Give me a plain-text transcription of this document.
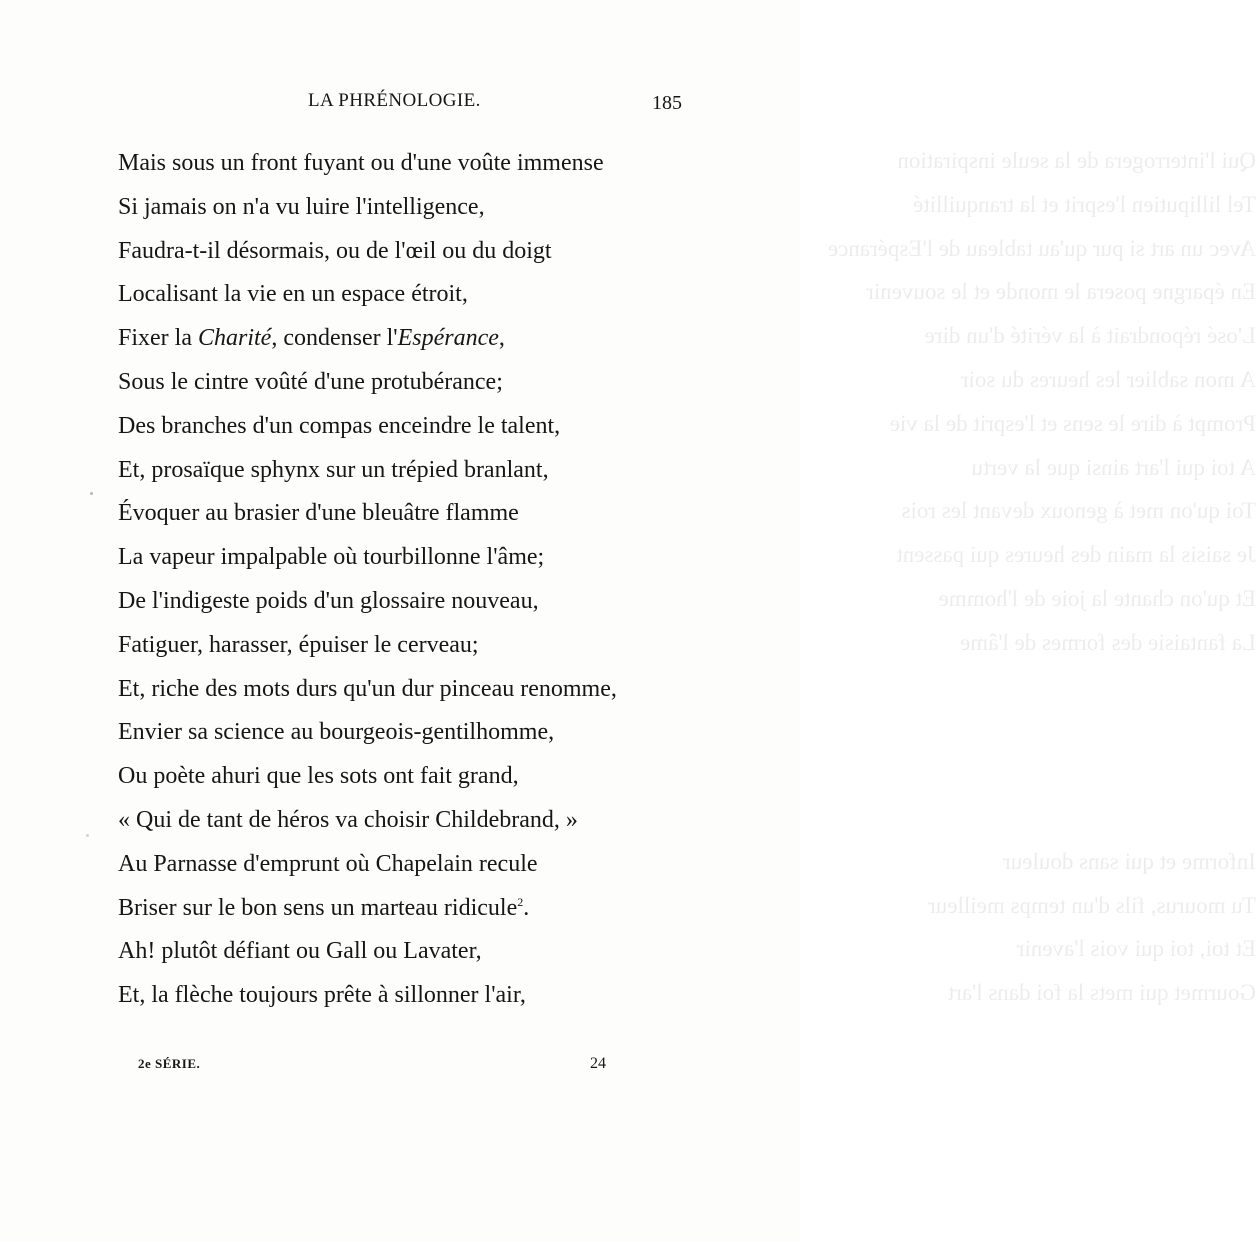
Qui l'interrogera de la seule inspiration
Tel lilliputien l'esprit et la tranquillité
Avec un art si pur qu'au tableau de l'Espérance
En épargne posera le monde et le souvenir
L'osé répondrait à la vérité d'un dire
A mon sablier les heures du soir
Prompt à dire le sens et l'esprit de la vie
A toi qui l'art ainsi que la vertu
Toi qu'on met à genoux devant les rois
Je saisis la main des heures qui passent
Et qu'on chante la joie de l'homme
La fantaisie des formes de l'âme
Informe et qui sans douleur
Tu mourus, fils d'un temps meilleur
Et toi, toi qui vois l'avenir
Gourmet qui mets la foi dans l'art
LA PHRÉNOLOGIE.	185
Mais sous un front fuyant ou d'une voûte immense
Si jamais on n'a vu luire l'intelligence,
Faudra-t-il désormais, ou de l'œil ou du doigt
Localisant la vie en un espace étroit,
Fixer la Charité, condenser l'Espérance,
Sous le cintre voûté d'une protubérance;
Des branches d'un compas enceindre le talent,
Et, prosaïque sphynx sur un trépied branlant,
Évoquer au brasier d'une bleuâtre flamme
La vapeur impalpable où tourbillonne l'âme;
De l'indigeste poids d'un glossaire nouveau,
Fatiguer, harasser, épuiser le cerveau;
Et, riche des mots durs qu'un dur pinceau renomme,
Envier sa science au bourgeois-gentilhomme,
Ou poète ahuri que les sots ont fait grand,
« Qui de tant de héros va choisir Childebrand, »
Au Parnasse d'emprunt où Chapelain recule
Briser sur le bon sens un marteau ridicule$^2$.
Ah! plutôt défiant ou Gall ou Lavater,
Et, la flèche toujours prête à sillonner l'air,
2e SÉRIE.	24
